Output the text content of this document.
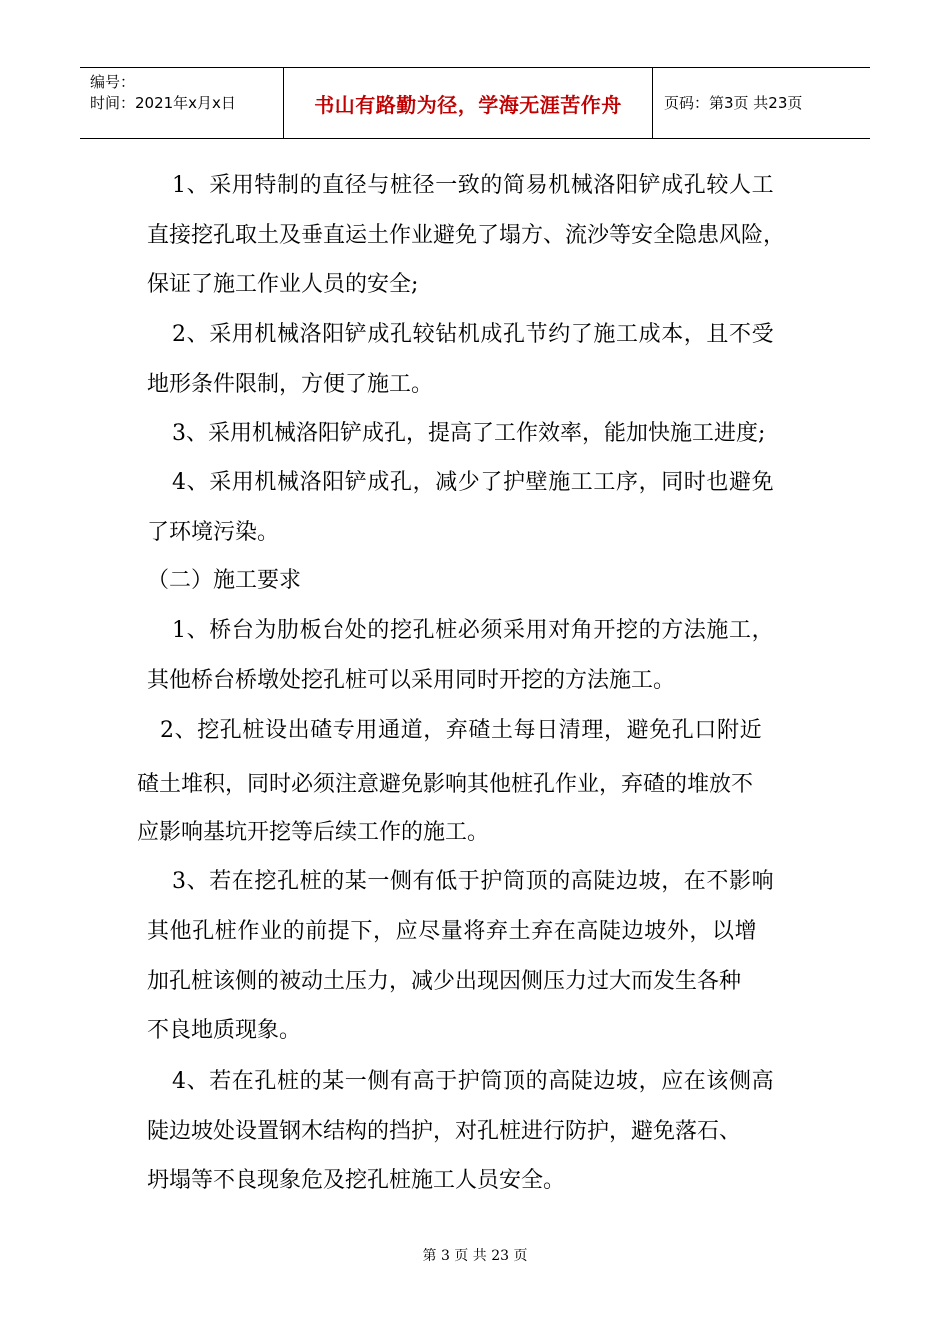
编号：
时间：2021年x月x日	书山有路勤为径，学海无涯苦作舟	页码：第3页 共23页
1、采用特制的直径与桩径一致的简易机械洛阳铲成孔较人工
直接挖孔取土及垂直运土作业避免了塌方、流沙等安全隐患风险，
保证了施工作业人员的安全;
2、采用机械洛阳铲成孔较钻机成孔节约了施工成本，且不受
地形条件限制，方便了施工。
3、采用机械洛阳铲成孔，提高了工作效率，能加快施工进度;
4、采用机械洛阳铲成孔，减少了护壁施工工序，同时也避免
了环境污染。
（二）施工要求
1、桥台为肋板台处的挖孔桩必须采用对角开挖的方法施工，
其他桥台桥墩处挖孔桩可以采用同时开挖的方法施工。
2、挖孔桩设出碴专用通道，弃碴土每日清理，避免孔口附近
碴土堆积，同时必须注意避免影响其他桩孔作业，弃碴的堆放不
应影响基坑开挖等后续工作的施工。
3、若在挖孔桩的某一侧有低于护筒顶的高陡边坡，在不影响
其他孔桩作业的前提下，应尽量将弃土弃在高陡边坡外，以增
加孔桩该侧的被动土压力，减少出现因侧压力过大而发生各种
不良地质现象。
4、若在孔桩的某一侧有高于护筒顶的高陡边坡，应在该侧高
陡边坡处设置钢木结构的挡护，对孔桩进行防护，避免落石、
坍塌等不良现象危及挖孔桩施工人员安全。
第 3 页 共 23 页
